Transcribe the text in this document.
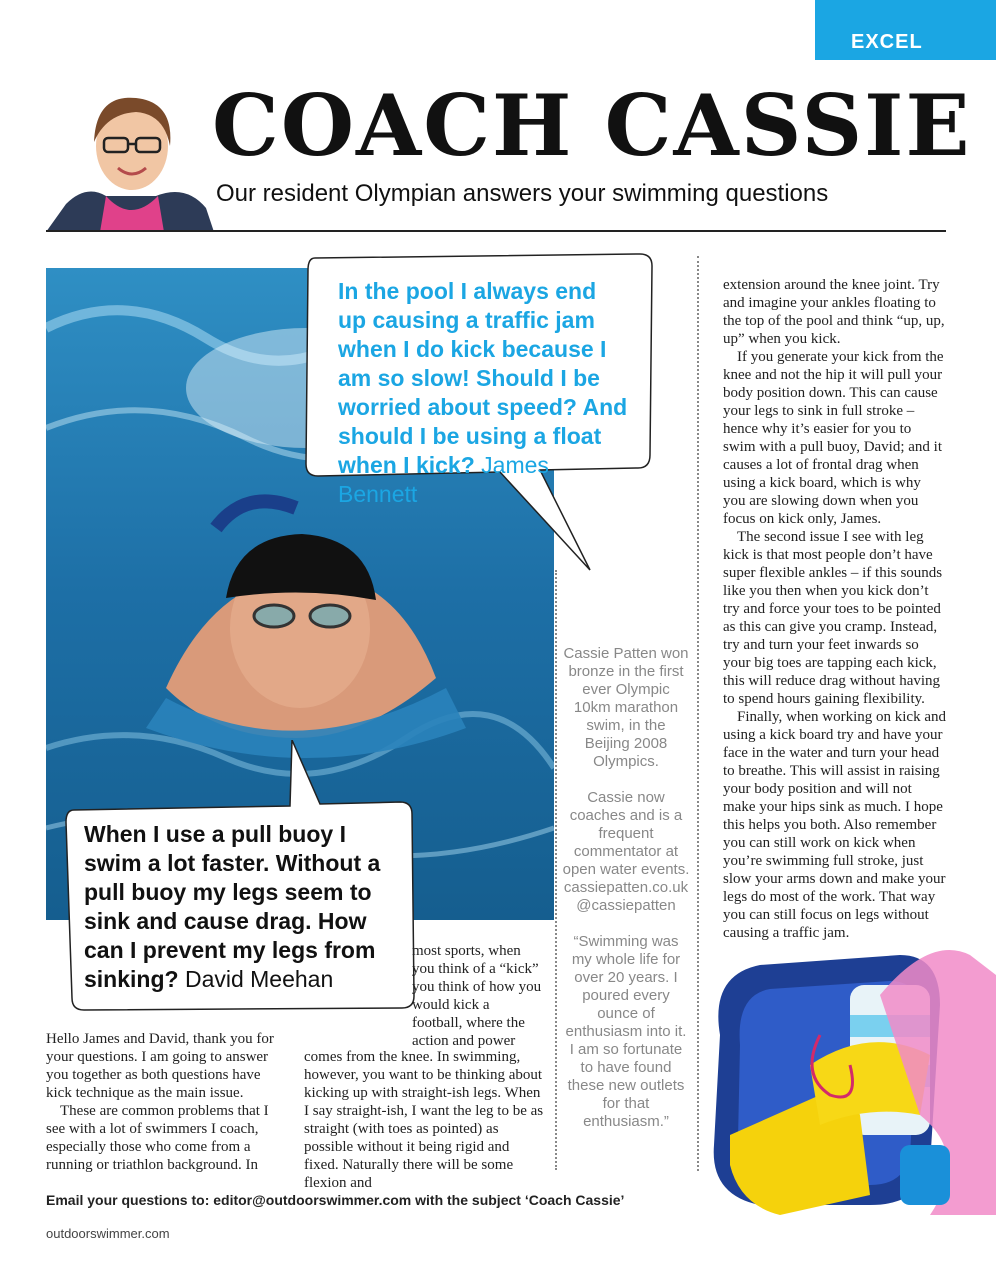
EXCEL
COACH CASSIE
Our resident Olympian answers your swimming questions
In the pool I always end up causing a traffic jam when I do kick because I am so slow! Should I be worried about speed? And should I be using a float when I kick? James Bennett
When I use a pull buoy I swim a lot faster. Without a pull buoy my legs seem to sink and cause drag. How can I prevent my legs from sinking? David Meehan

Hello James and David, thank you for your questions. I am going to answer you together as both questions have kick technique as the main issue.

These are common problems that I see with a lot of swimmers I coach, especially those who come from a running or triathlon background. In

most sports, when you think of a “kick” you think of how you would kick a football, where the action and power

comes from the knee. In swimming, however, you want to be thinking about kicking up with straight-ish legs. When I say straight-ish, I want the leg to be as straight (with toes as pointed) as possible without it being rigid and fixed. Naturally there will be some flexion and

Cassie Patten won bronze in the first ever Olympic 10km marathon swim, in the Beijing 2008 Olympics.

Cassie now coaches and is a frequent commentator at open water events.

cassiepatten.co.uk
@cassiepatten

“Swimming was my whole life for over 20 years. I poured every ounce of enthusiasm into it. I am so fortunate to have found these new outlets for that enthusiasm.”

extension around the knee joint. Try and imagine your ankles floating to the top of the pool and think “up, up, up” when you kick.

If you generate your kick from the knee and not the hip it will pull your body position down. This can cause your legs to sink in full stroke – hence why it’s easier for you to swim with a pull buoy, David; and it causes a lot of frontal drag when using a kick board, which is why you are slowing down when you focus on kick only, James.

The second issue I see with leg kick is that most people don’t have super flexible ankles – if this sounds like you then when you kick don’t try and force your toes to be pointed as this can give you cramp. Instead, try and turn your feet inwards so your big toes are tapping each kick, this will reduce drag without having to spend hours gaining flexibility.

Finally, when working on kick and using a kick board try and have your face in the water and turn your head to breathe. This will assist in raising your body position and will not make your hips sink as much. I hope this helps you both. Also remember you can still work on kick when you’re swimming full stroke, just slow your arms down and make your legs do most of the work. That way you can still focus on legs without causing a traffic jam.

Email your questions to: editor@outdoorswimmer.com with the subject ‘Coach Cassie’
outdoorswimmer.com
